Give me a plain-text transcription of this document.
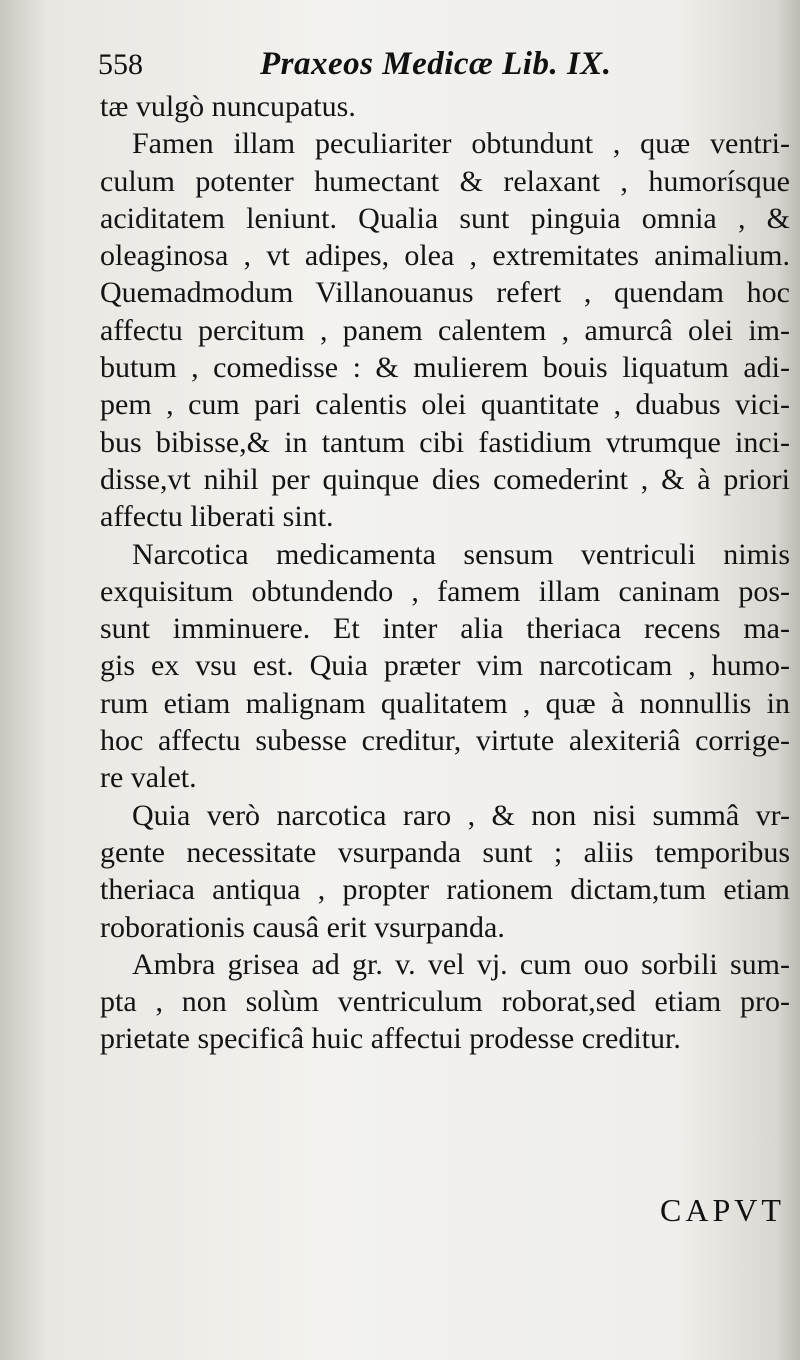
558	Praxeos Medicæ Lib. IX.
tæ vulgò nuncupatus.
Famen illam peculiariter obtundunt , quæ ventri-
culum potenter humectant & relaxant , humorísque
aciditatem leniunt. Qualia sunt pinguia omnia , &
oleaginosa , vt adipes, olea , extremitates animalium.
Quemadmodum Villanouanus refert , quendam hoc
affectu percitum , panem calentem , amurcâ olei im-
butum , comedisse : & mulierem bouis liquatum adi-
pem , cum pari calentis olei quantitate , duabus vici-
bus bibisse,& in tantum cibi fastidium vtrumque inci-
disse,vt nihil per quinque dies comederint , & à priori
affectu liberati sint.
Narcotica medicamenta sensum ventriculi nimis
exquisitum obtundendo , famem illam caninam pos-
sunt imminuere. Et inter alia theriaca recens ma-
gis ex vsu est. Quia præter vim narcoticam , humo-
rum etiam malignam qualitatem , quæ à nonnullis in
hoc affectu subesse creditur, virtute alexiteriâ corrige-
re valet.
Quia verò narcotica raro , & non nisi summâ vr-
gente necessitate vsurpanda sunt ; aliis temporibus
theriaca antiqua , propter rationem dictam,tum etiam
roborationis causâ erit vsurpanda.
Ambra grisea ad gr. v. vel vj. cum ouo sorbili sum-
pta , non solùm ventriculum roborat,sed etiam pro-
prietate specificâ huic affectui prodesse creditur.
CAPVT
